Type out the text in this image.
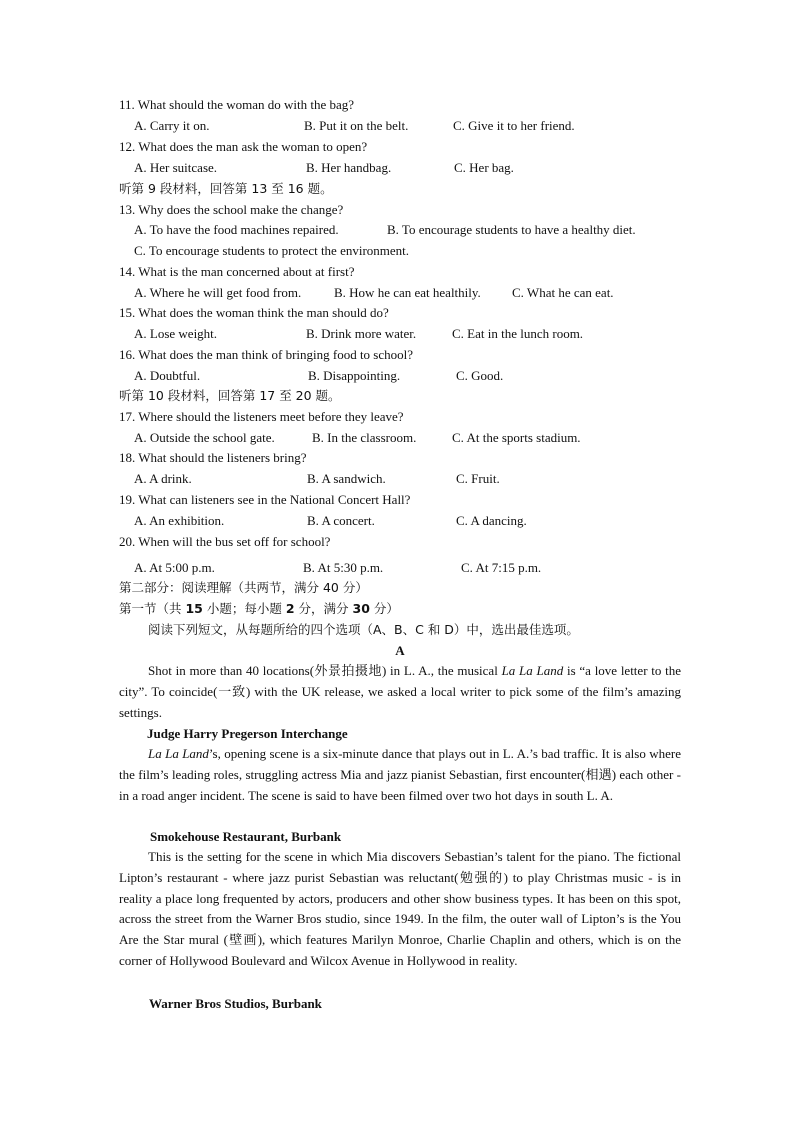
11. What should the woman do with the bag?
A. Carry it on.	B. Put it on the belt.	C. Give it to her friend.
12. What does the man ask the woman to open?
A. Her suitcase.	B. Her handbag.	C. Her bag.
听第 9 段材料，回答第 13 至 16 题。
13. Why does the school make the change?
A. To have the food machines repaired.	B. To encourage students to have a healthy diet.
C. To encourage students to protect the environment.
14. What is the man concerned about at first?
A. Where he will get food from.	B. How he can eat healthily. C. What he can eat.
15. What does the woman think the man should do?
A. Lose weight.	B. Drink more water.	C. Eat in the lunch room.
16. What does the man think of bringing food to school?
A. Doubtful.	B. Disappointing.	C. Good.
听第 10 段材料，回答第 17 至 20 题。
17. Where should the listeners meet before they leave?
A. Outside the school gate.	B. In the classroom.	C. At the sports stadium.
18. What should the listeners bring?
A. A drink.	B. A sandwich.	C. Fruit.
19. What can listeners see in the National Concert Hall?
A. An exhibition.	B. A concert.	C. A dancing.
20. When will the bus set off for school?
A. At 5:00 p.m.	B. At 5:30 p.m.	C. At 7:15 p.m.
第二部分：阅读理解（共两节，满分 40 分）
第一节（共 15 小题；每小题 2 分，满分 30 分）
阅读下列短文，从每题所给的四个选项（A、B、C 和 D）中，选出最佳选项。
A
Shot in more than 40 locations(外景拍摄地) in L. A., the musical La La Land is “a love letter to the city”. To coincide(一致) with the UK release, we asked a local writer to pick some of the film’s amazing settings.
Judge Harry Pregerson Interchange
La La Land’s, opening scene is a six-minute dance that plays out in L. A.’s bad traffic. It is also where the film’s leading roles, struggling actress Mia and jazz pianist Sebastian, first encounter(相遇) each other - in a road anger incident. The scene is said to have been filmed over two hot days in south L. A.
Smokehouse Restaurant, Burbank
This is the setting for the scene in which Mia discovers Sebastian’s talent for the piano. The fictional Lipton’s restaurant - where jazz purist Sebastian was reluctant(勉强的) to play Christmas music - is in reality a place long frequented by actors, producers and other show business types. It has been on this spot, across the street from the Warner Bros studio, since 1949. In the film, the outer wall of Lipton’s is the You Are the Star mural (壁画), which features Marilyn Monroe, Charlie Chaplin and others, which is on the corner of Hollywood Boulevard and Wilcox Avenue in Hollywood in reality.
Warner Bros Studios, Burbank
